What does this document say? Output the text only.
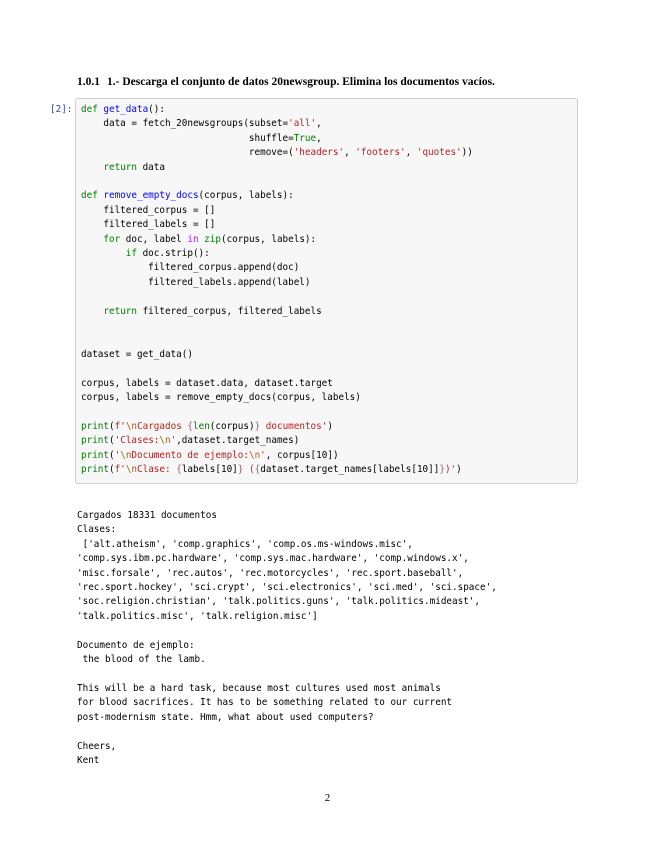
1.0.1 1.- Descarga el conjunto de datos 20newsgroup. Elimina los documentos vacíos.
[2]: def get_data():
data = fetch_20newsgroups(subset='all',
shuffle=True,
remove=('headers', 'footers', 'quotes'))
return data

def remove_empty_docs(corpus, labels):
filtered_corpus = []
filtered_labels = []
for doc, label in zip(corpus, labels):
if doc.strip():
filtered_corpus.append(doc)
filtered_labels.append(label)

return filtered_corpus, filtered_labels

dataset = get_data()

corpus, labels = dataset.data, dataset.target
corpus, labels = remove_empty_docs(corpus, labels)

print(f'\nCargados {len(corpus)} documentos')
print('Clases:\n',dataset.target_names)
print('\nDocumento de ejemplo:\n', corpus[10])
print(f'\nClase: {labels[10]} ({dataset.target_names[labels[10]]})')
Cargados 18331 documentos
Clases:
['alt.atheism', 'comp.graphics', 'comp.os.ms-windows.misc',
'comp.sys.ibm.pc.hardware', 'comp.sys.mac.hardware', 'comp.windows.x',
'misc.forsale', 'rec.autos', 'rec.motorcycles', 'rec.sport.baseball',
'rec.sport.hockey', 'sci.crypt', 'sci.electronics', 'sci.med', 'sci.space',
'soc.religion.christian', 'talk.politics.guns', 'talk.politics.mideast',
'talk.politics.misc', 'talk.religion.misc']

Documento de ejemplo:
the blood of the lamb.

This will be a hard task, because most cultures used most animals
for blood sacrifices. It has to be something related to our current
post-modernism state. Hmm, what about used computers?

Cheers,
Kent
2
